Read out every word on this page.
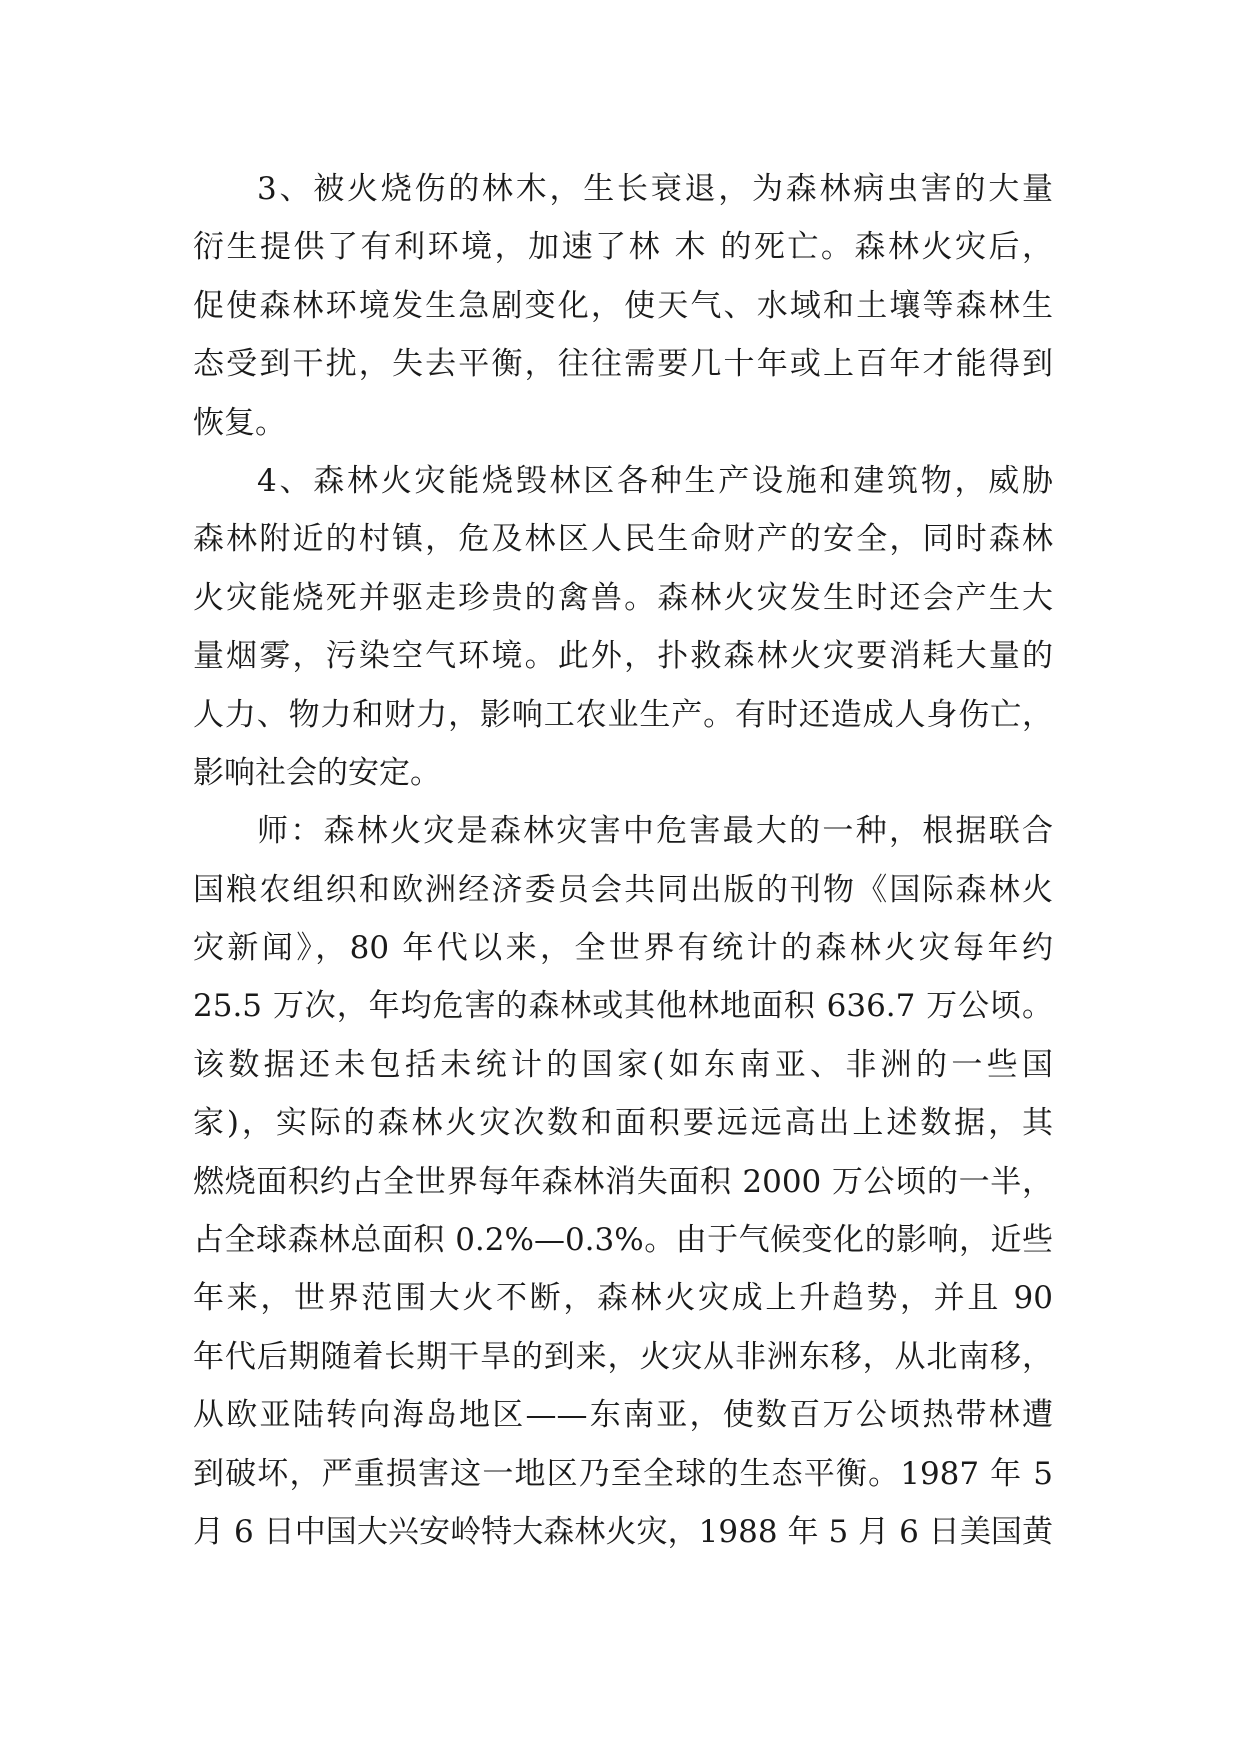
3、被火烧伤的林木，生长衰退，为森林病虫害的大量
衍生提供了有利环境，加速了林 木 的死亡。森林火灾后，
促使森林环境发生急剧变化，使天气、水域和土壤等森林生
态受到干扰，失去平衡，往往需要几十年或上百年才能得到
恢复。
4、森林火灾能烧毁林区各种生产设施和建筑物，威胁
森林附近的村镇，危及林区人民生命财产的安全，同时森林
火灾能烧死并驱走珍贵的禽兽。森林火灾发生时还会产生大
量烟雾，污染空气环境。此外，扑救森林火灾要消耗大量的
人力、物力和财力，影响工农业生产。有时还造成人身伤亡，
影响社会的安定。
师：森林火灾是森林灾害中危害最大的一种，根据联合
国粮农组织和欧洲经济委员会共同出版的刊物《国际森林火
灾新闻》，80 年代以来，全世界有统计的森林火灾每年约
25.5 万次，年均危害的森林或其他林地面积 636.7 万公顷。
该数据还未包括未统计的国家(如东南亚、非洲的一些国
家)，实际的森林火灾次数和面积要远远高出上述数据，其
燃烧面积约占全世界每年森林消失面积 2000 万公顷的一半，
占全球森林总面积 0.2%—0.3%。由于气候变化的影响，近些
年来，世界范围大火不断，森林火灾成上升趋势，并且 90
年代后期随着长期干旱的到来，火灾从非洲东移，从北南移，
从欧亚陆转向海岛地区——东南亚，使数百万公顷热带林遭
到破坏，严重损害这一地区乃至全球的生态平衡。1987 年 5
月 6 日中国大兴安岭特大森林火灾，1988 年 5 月 6 日美国黄
